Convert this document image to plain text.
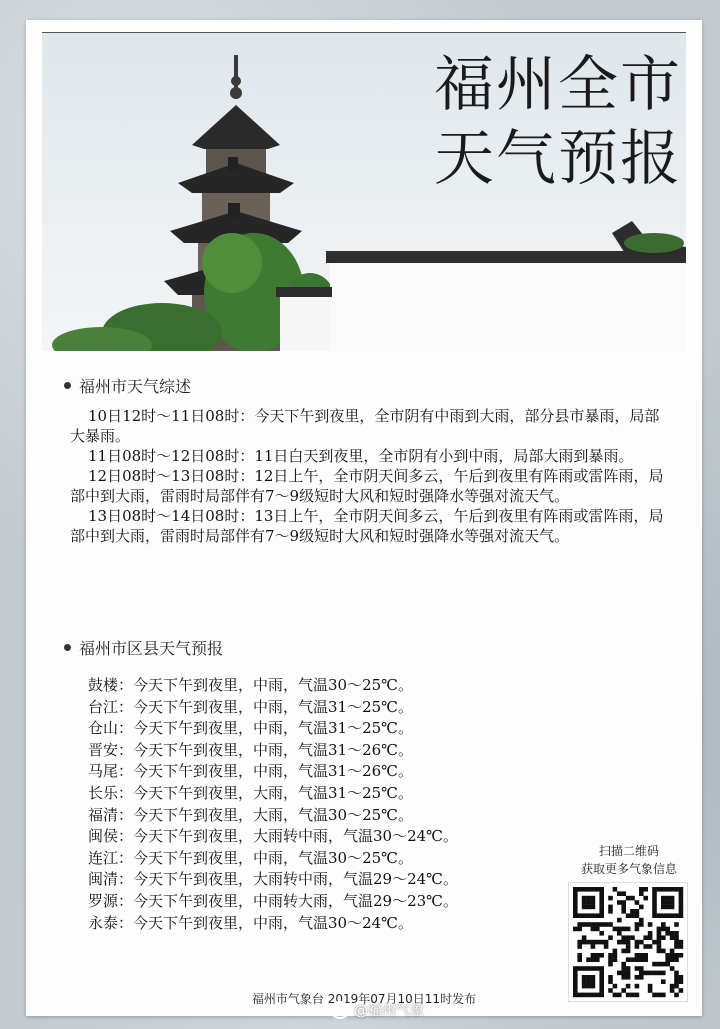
福州全市
天气预报
福州市天气综述

10日12时～11日08时：今天下午到夜里，全市阴有中雨到大雨，部分县市暴雨，局部大暴雨。

11日08时～12日08时：11日白天到夜里，全市阴有小到中雨，局部大雨到暴雨。

12日08时～13日08时：12日上午，全市阴天间多云，午后到夜里有阵雨或雷阵雨，局部中到大雨，雷雨时局部伴有7～9级短时大风和短时强降水等强对流天气。

13日08时～14日08时：13日上午，全市阴天间多云，午后到夜里有阵雨或雷阵雨，局部中到大雨，雷雨时局部伴有7～9级短时大风和短时强降水等强对流天气。

福州市区县天气预报
鼓楼：今天下午到夜里，中雨，气温30～25℃。
台江：今天下午到夜里，中雨，气温31～25℃。
仓山：今天下午到夜里，中雨，气温31～25℃。
晋安：今天下午到夜里，中雨，气温31～26℃。
马尾：今天下午到夜里，中雨，气温31～26℃。
长乐：今天下午到夜里，大雨，气温31～25℃。
福清：今天下午到夜里，大雨，气温30～25℃。
闽侯：今天下午到夜里，大雨转中雨，气温30～24℃。
连江：今天下午到夜里，中雨，气温30～25℃。
闽清：今天下午到夜里，大雨转中雨，气温29～24℃。
罗源：今天下午到夜里，中雨转大雨，气温29～23℃。
永泰：今天下午到夜里，中雨，气温30～24℃。
扫描二维码
获取更多气象信息
福州市气象台 2019年07月10日11时发布
@福州气象
